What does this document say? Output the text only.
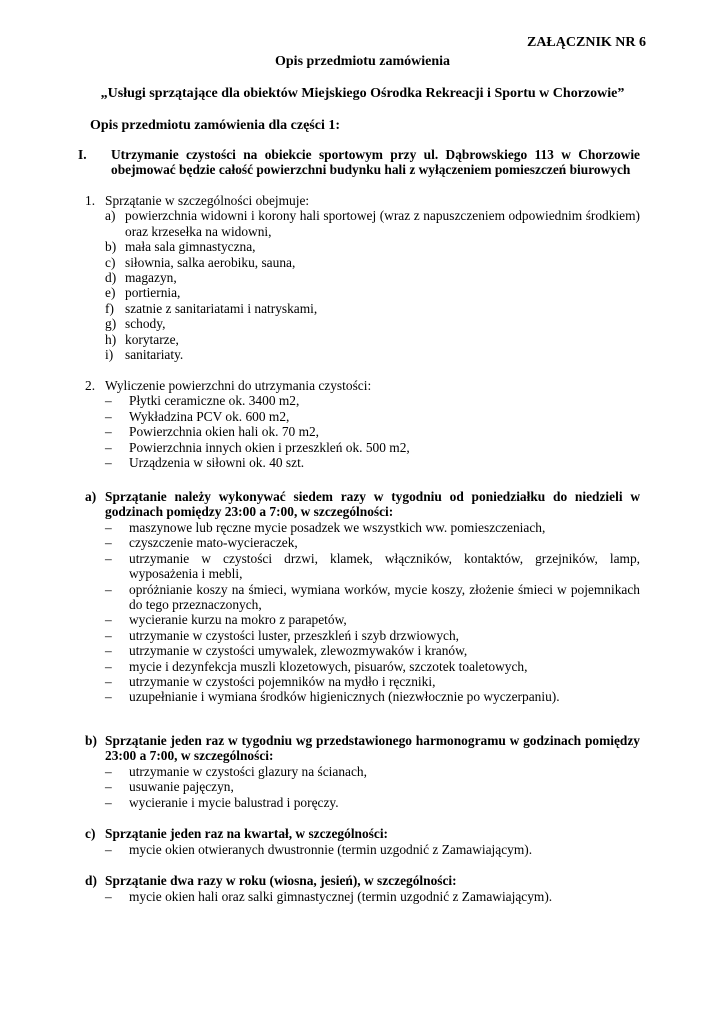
ZAŁĄCZNIK NR 6
Opis przedmiotu zamówienia
„Usługi sprzątające dla obiektów Miejskiego Ośrodka Rekreacji i Sportu w Chorzowie”
Opis przedmiotu zamówienia dla części 1:
I. Utrzymanie czystości na obiekcie sportowym przy ul. Dąbrowskiego 113 w Chorzowie obejmować będzie całość powierzchni budynku hali z wyłączeniem pomieszczeń biurowych
1. Sprzątanie w szczególności obejmuje:
a) powierzchnia widowni i korony hali sportowej (wraz z napuszczeniem odpowiednim środkiem) oraz krzesełka na widowni,
b) mała sala gimnastyczna,
c) siłownia, salka aerobiku, sauna,
d) magazyn,
e) portiernia,
f) szatnie z sanitariatami i natryskami,
g) schody,
h) korytarze,
i) sanitariaty.
2. Wyliczenie powierzchni do utrzymania czystości:
– Płytki ceramiczne ok. 3400 m2,
– Wykładzina PCV ok. 600 m2,
– Powierzchnia okien hali ok. 70 m2,
– Powierzchnia innych okien i przeszkleń ok. 500 m2,
– Urządzenia w siłowni ok. 40 szt.
a) Sprzątanie należy wykonywać siedem razy w tygodniu od poniedziałku do niedzieli w godzinach pomiędzy 23:00 a 7:00, w szczególności:
– maszynowe lub ręczne mycie posadzek we wszystkich ww. pomieszczeniach,
– czyszczenie mato-wycieraczek,
– utrzymanie w czystości drzwi, klamek, włączników, kontaktów, grzejników, lamp, wyposażenia i mebli,
– opróżnianie koszy na śmieci, wymiana worków, mycie koszy, złożenie śmieci w pojemnikach do tego przeznaczonych,
– wycieranie kurzu na mokro z parapetów,
– utrzymanie w czystości luster, przeszkleń i szyb drzwiowych,
– utrzymanie w czystości umywalek, zlewozmywaków i kranów,
– mycie i dezynfekcja muszli klozetowych, pisuarów, szczotek toaletowych,
– utrzymanie w czystości pojemników na mydło i ręczniki,
– uzupełnianie i wymiana środków higienicznych (niezwłocznie po wyczerpaniu).
b) Sprzątanie jeden raz w tygodniu wg przedstawionego harmonogramu w godzinach pomiędzy 23:00 a 7:00, w szczególności:
– utrzymanie w czystości glazury na ścianach,
– usuwanie pajęczyn,
– wycieranie i mycie balustrad i poręczy.
c) Sprzątanie jeden raz na kwartał, w szczególności:
– mycie okien otwieranych dwustronnie (termin uzgodnić z Zamawiającym).
d) Sprzątanie dwa razy w roku (wiosna, jesień), w szczególności:
– mycie okien hali oraz salki gimnastycznej (termin uzgodnić z Zamawiającym).
